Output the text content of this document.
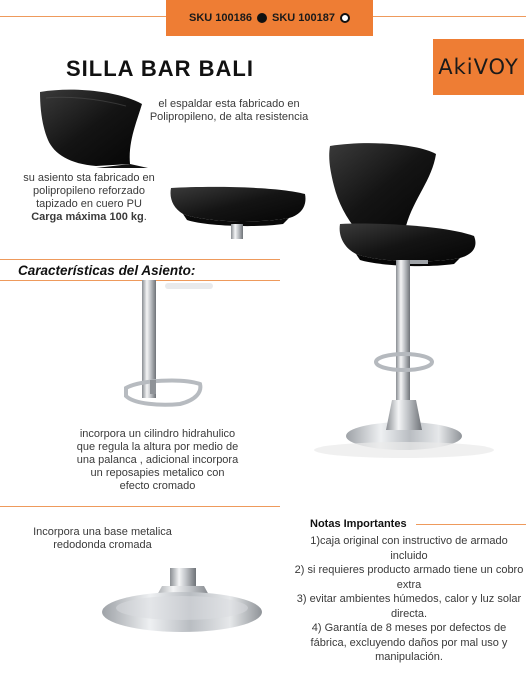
SKU 100186 SKU 100187
SILLA BAR BALI	AkiVOY
el espaldar esta fabricado en
Polipropileno, de alta resistencia
su asiento sta fabricado en
polipropileno reforzado
tapizado en cuero PU
Carga máxima 100 kg.
Características del Asiento:
incorpora un cilindro hidrahulico
que regula la altura por medio de
una palanca , adicional incorpora
un reposapies metalico con
efecto cromado
Incorpora una base metalica
redodonda cromada
Notas Importantes
1)caja original con instructivo de armado incluido
2) si requieres producto armado tiene un cobro extra
3) evitar ambientes húmedos, calor y luz solar directa.
4) Garantía de 8 meses por defectos de fábrica, excluyendo daños por mal uso y manipulación.
